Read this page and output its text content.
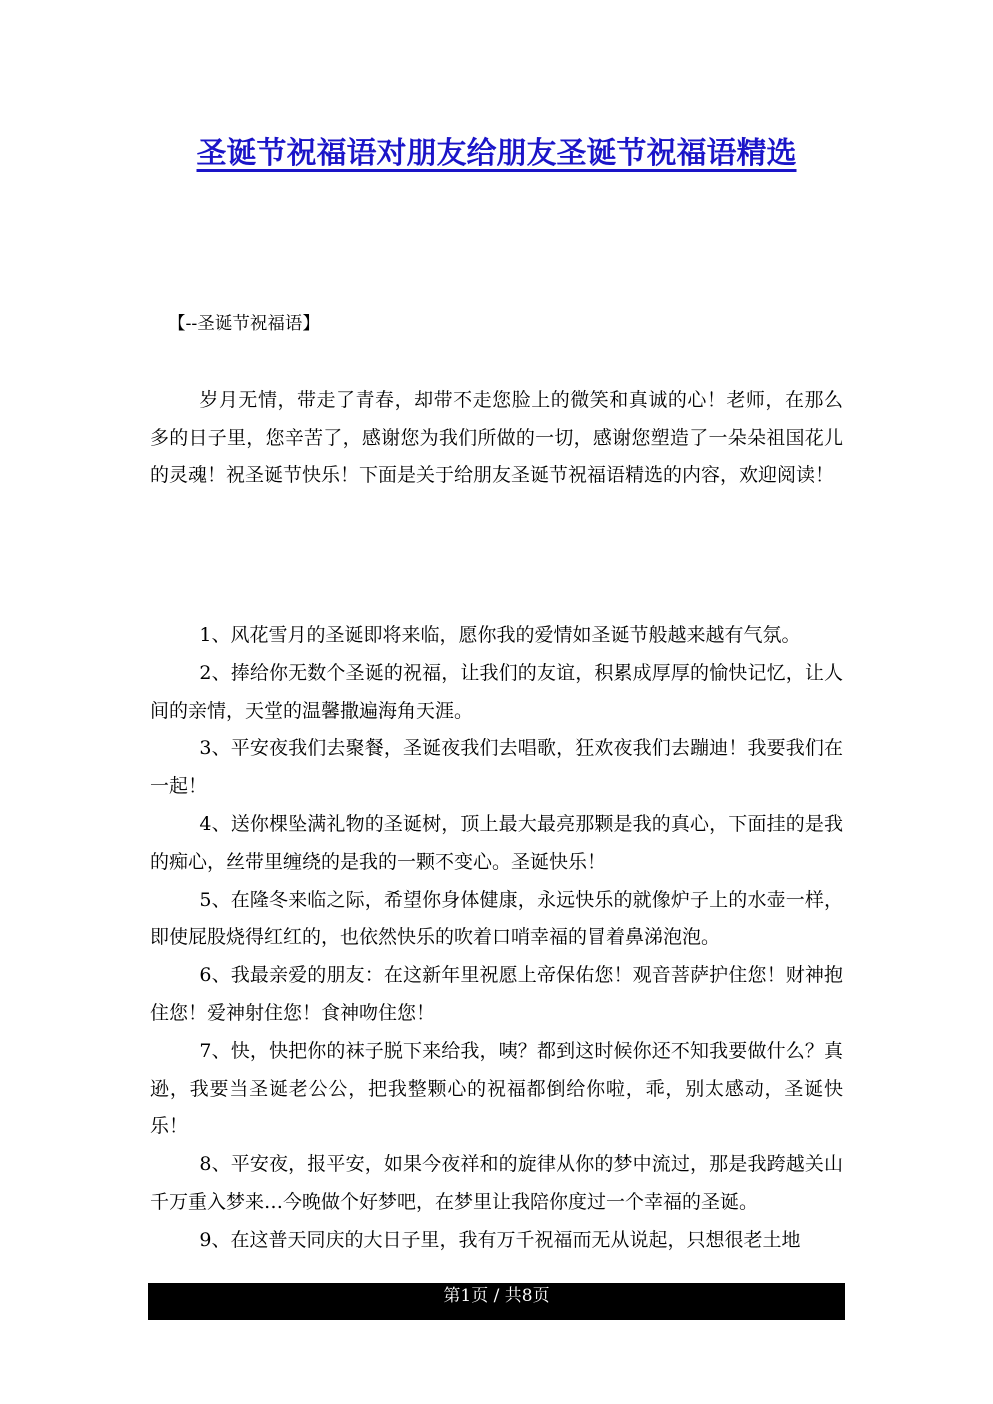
圣诞节祝福语对朋友给朋友圣诞节祝福语精选
【--圣诞节祝福语】

岁月无情，带走了青春，却带不走您脸上的微笑和真诚的心！老师，在那么多的日子里，您辛苦了，感谢您为我们所做的一切，感谢您塑造了一朵朵祖国花儿的灵魂！祝圣诞节快乐！下面是关于给朋友圣诞节祝福语精选的内容，欢迎阅读！

1、风花雪月的圣诞即将来临，愿你我的爱情如圣诞节般越来越有气氛。

2、捧给你无数个圣诞的祝福，让我们的友谊，积累成厚厚的愉快记忆，让人间的亲情，天堂的温馨撒遍海角天涯。

3、平安夜我们去聚餐，圣诞夜我们去唱歌，狂欢夜我们去蹦迪！我要我们在一起！

4、送你棵坠满礼物的圣诞树，顶上最大最亮那颗是我的真心，下面挂的是我的痴心，丝带里缠绕的是我的一颗不变心。圣诞快乐！

5、在隆冬来临之际，希望你身体健康，永远快乐的就像炉子上的水壶一样，即使屁股烧得红红的，也依然快乐的吹着口哨幸福的冒着鼻涕泡泡。

6、我最亲爱的朋友：在这新年里祝愿上帝保佑您！观音菩萨护住您！财神抱住您！爱神射住您！食神吻住您！

7、快，快把你的袜子脱下来给我，咦？都到这时候你还不知我要做什么？真逊，我要当圣诞老公公，把我整颗心的祝福都倒给你啦，乖，别太感动，圣诞快乐！

8、平安夜，报平安，如果今夜祥和的旋律从你的梦中流过，那是我跨越关山千万重入梦来…今晚做个好梦吧，在梦里让我陪你度过一个幸福的圣诞。

9、在这普天同庆的大日子里，我有万千祝福而无从说起，只想很老土地

第1页 / 共8页
